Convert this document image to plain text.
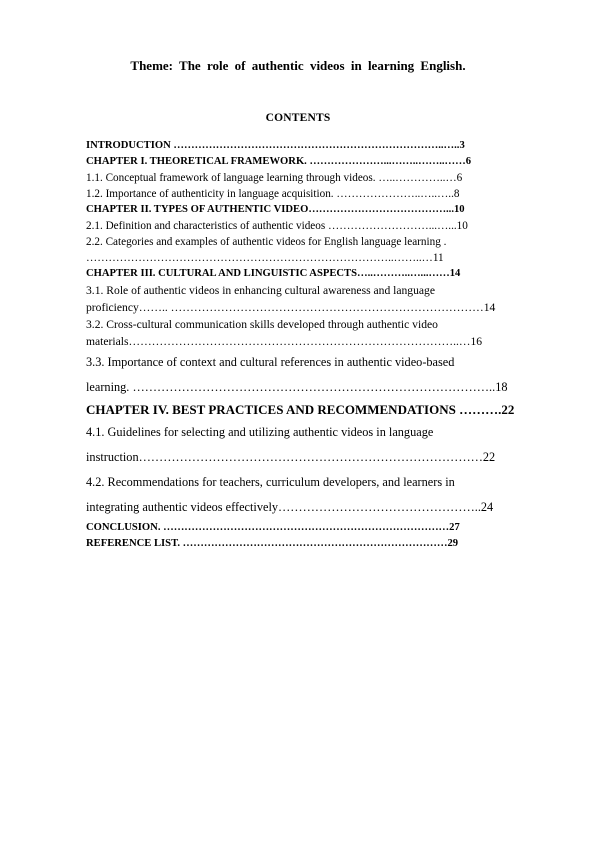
Theme: The role of authentic videos in learning English.
CONTENTS
INTRODUCTION …………………………………………………………………..…..3
CHAPTER I. THEORETICAL FRAMEWORK. …………………...……..……..……6
1.1. Conceptual framework of language learning through videos. …..…………..…6
1.2. Importance of authenticity in language acquisition. …………………..…..…..8
CHAPTER II. TYPES OF AUTHENTIC VIDEO…………………………………...10
2.1. Definition and characteristics of authentic videos ………………………...…...10
2.2. Categories and examples of authentic videos for English language learning .
………………………………………………………………………..……..…11
CHAPTER III. CULTURAL AND LINGUISTIC ASPECTS…..………..…...……14
3.1. Role of authentic videos in enhancing cultural awareness and language
proficiency…….. ………………………………………………………………………14
3.2. Cross-cultural communication skills developed through authentic video
materials…………………………………………………………………………..…16
3.3. Importance of context and cultural references in authentic video-based
learning. ……………………………………………………………………………..18
CHAPTER IV. BEST PRACTICES AND RECOMMENDATIONS ……….22
4.1. Guidelines for selecting and utilizing authentic videos in language
instruction…………………………………………………………………………22
4.2. Recommendations for teachers, curriculum developers, and learners in
integrating authentic videos effectively…………………………………………..24
CONCLUSION. ………………………………………………………………………27
REFERENCE LIST. …………………………………………………………………29
